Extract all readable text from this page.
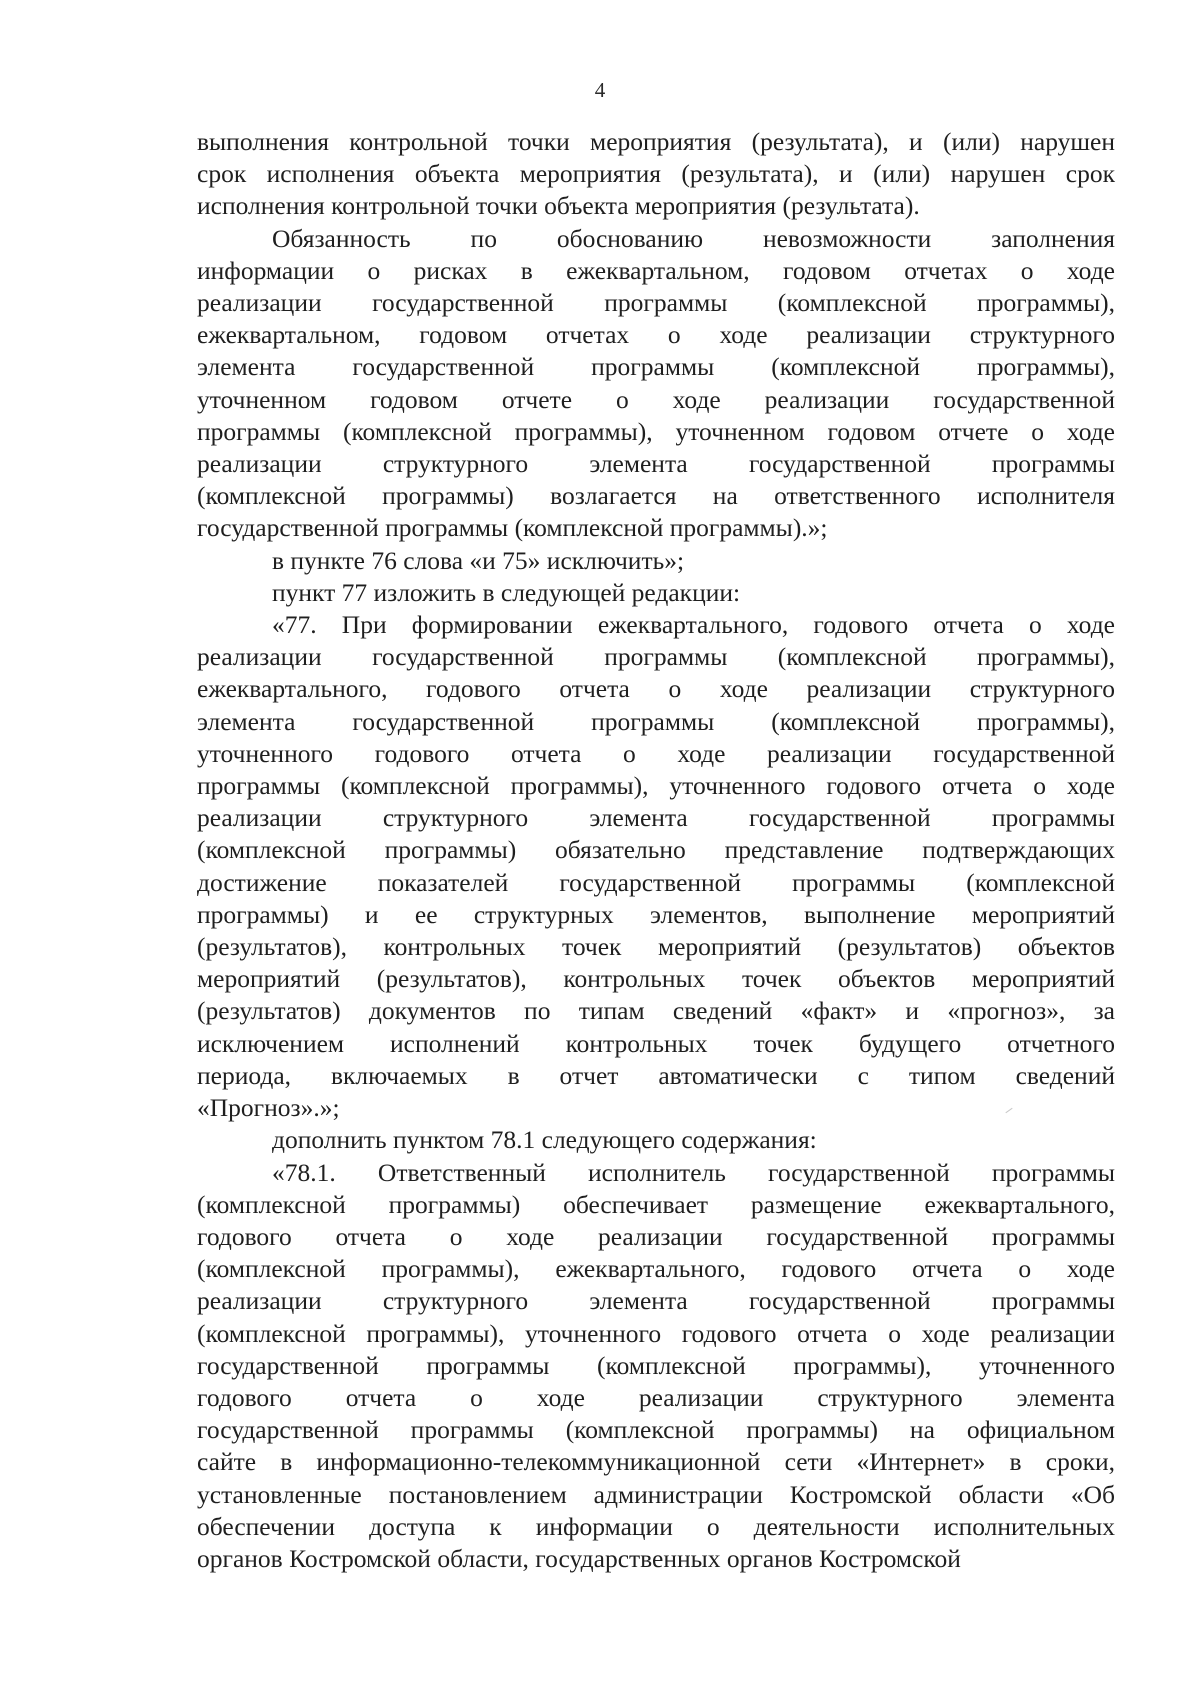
4
выполнения контрольной точки мероприятия (результата), и (или) нарушен
срок исполнения объекта мероприятия (результата), и (или) нарушен срок
исполнения контрольной точки объекта мероприятия (результата).
Обязанность по обоснованию невозможности заполнения
информации о рисках в ежеквартальном, годовом отчетах о ходе
реализации государственной программы (комплексной программы),
ежеквартальном, годовом отчетах о ходе реализации структурного
элемента государственной программы (комплексной программы),
уточненном годовом отчете о ходе реализации государственной
программы (комплексной программы), уточненном годовом отчете о ходе
реализации структурного элемента государственной программы
(комплексной программы) возлагается на ответственного исполнителя
государственной программы (комплексной программы).»;
в пункте 76 слова «и 75» исключить»;
пункт 77 изложить в следующей редакции:
«77. При формировании ежеквартального, годового отчета о ходе
реализации государственной программы (комплексной программы),
ежеквартального, годового отчета о ходе реализации структурного
элемента государственной программы (комплексной программы),
уточненного годового отчета о ходе реализации государственной
программы (комплексной программы), уточненного годового отчета о ходе
реализации структурного элемента государственной программы
(комплексной программы) обязательно представление подтверждающих
достижение показателей государственной программы (комплексной
программы) и ее структурных элементов, выполнение мероприятий
(результатов), контрольных точек мероприятий (результатов) объектов
мероприятий (результатов), контрольных точек объектов мероприятий
(результатов) документов по типам сведений «факт» и «прогноз», за
исключением исполнений контрольных точек будущего отчетного
периода, включаемых в отчет автоматически с типом сведений
«Прогноз».»;
дополнить пунктом 78.1 следующего содержания:
«78.1. Ответственный исполнитель государственной программы
(комплексной программы) обеспечивает размещение ежеквартального,
годового отчета о ходе реализации государственной программы
(комплексной программы), ежеквартального, годового отчета о ходе
реализации структурного элемента государственной программы
(комплексной программы), уточненного годового отчета о ходе реализации
государственной программы (комплексной программы), уточненного
годового отчета о ходе реализации структурного элемента
государственной программы (комплексной программы) на официальном
сайте в информационно-телекоммуникационной сети «Интернет» в сроки,
установленные постановлением администрации Костромской области «Об
обеспечении доступа к информации о деятельности исполнительных
органов Костромской области, государственных органов Костромской
